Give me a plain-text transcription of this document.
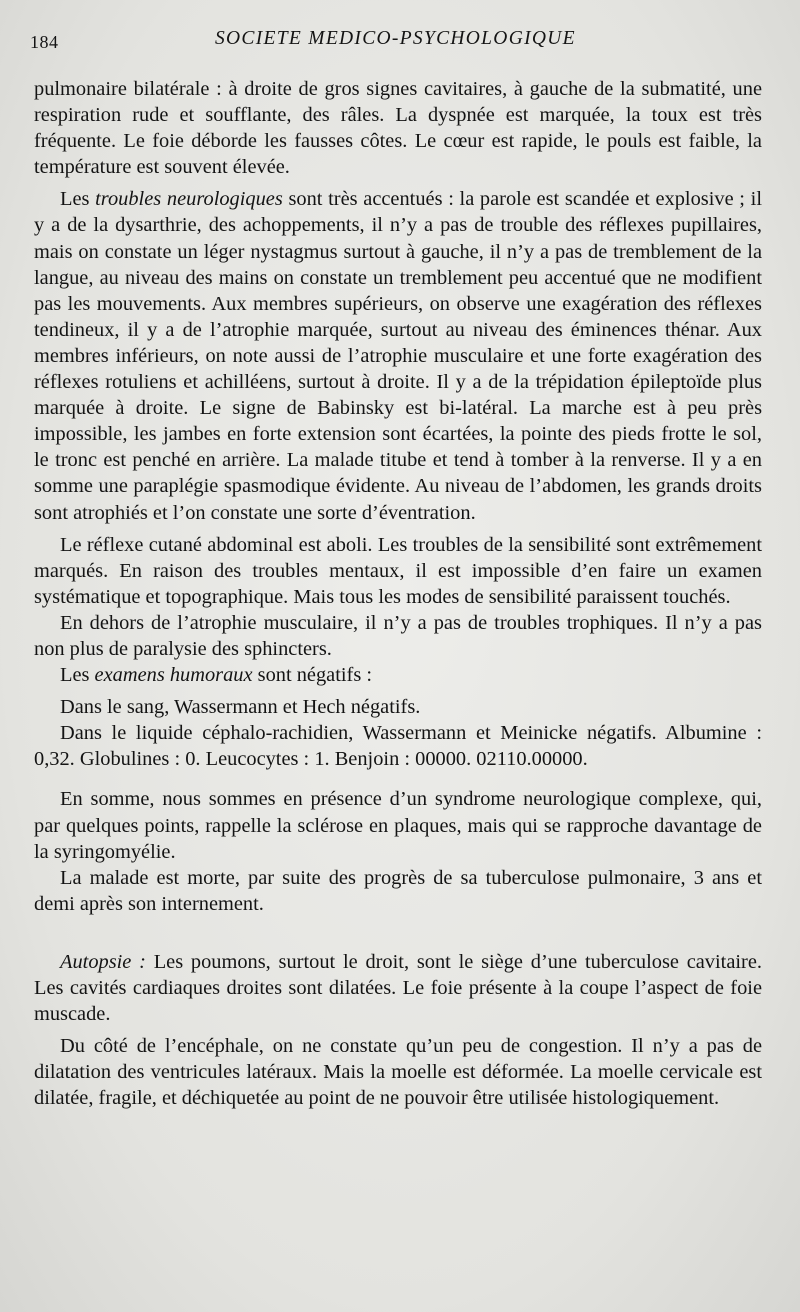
184	SOCIETE MEDICO-PSYCHOLOGIQUE

pulmonaire bilatérale : à droite de gros signes cavitaires, à gauche de la submatité, une respiration rude et soufflante, des râles. La dyspnée est marquée, la toux est très fréquente. Le foie déborde les fausses côtes. Le cœur est rapide, le pouls est faible, la température est souvent élevée.

Les troubles neurologiques sont très accentués : la parole est scandée et explosive ; il y a de la dysarthrie, des achoppements, il n’y a pas de trouble des réflexes pupillaires, mais on constate un léger nystagmus surtout à gauche, il n’y a pas de tremblement de la langue, au niveau des mains on constate un tremblement peu accentué que ne modifient pas les mouvements. Aux membres supérieurs, on observe une exagération des réflexes tendineux, il y a de l’atrophie marquée, surtout au niveau des éminences thénar. Aux membres inférieurs, on note aussi de l’atrophie musculaire et une forte exagération des réflexes rotuliens et achilléens, surtout à droite. Il y a de la trépidation épileptoïde plus marquée à droite. Le signe de Babinsky est bi-latéral. La marche est à peu près impossible, les jambes en forte extension sont écartées, la pointe des pieds frotte le sol, le tronc est penché en arrière. La malade titube et tend à tomber à la renverse. Il y a en somme une paraplégie spasmodique évidente. Au niveau de l’abdomen, les grands droits sont atrophiés et l’on constate une sorte d’éventration.

Le réflexe cutané abdominal est aboli. Les troubles de la sensibilité sont extrêmement marqués. En raison des troubles mentaux, il est impossible d’en faire un examen systématique et topographique. Mais tous les modes de sensibilité paraissent touchés.

En dehors de l’atrophie musculaire, il n’y a pas de troubles trophiques. Il n’y a pas non plus de paralysie des sphincters.

Les examens humoraux sont négatifs :

Dans le sang, Wassermann et Hech négatifs.

Dans le liquide céphalo-rachidien, Wassermann et Meinicke négatifs. Albumine : 0,32. Globulines : 0. Leucocytes : 1. Benjoin : 00000. 02110.00000.

En somme, nous sommes en présence d’un syndrome neurologique complexe, qui, par quelques points, rappelle la sclérose en plaques, mais qui se rapproche davantage de la syringomyélie.

La malade est morte, par suite des progrès de sa tuberculose pulmonaire, 3 ans et demi après son internement.

Autopsie : Les poumons, surtout le droit, sont le siège d’une tuberculose cavitaire. Les cavités cardiaques droites sont dilatées. Le foie présente à la coupe l’aspect de foie muscade.

Du côté de l’encéphale, on ne constate qu’un peu de congestion. Il n’y a pas de dilatation des ventricules latéraux. Mais la moelle est déformée. La moelle cervicale est dilatée, fragile, et déchiquetée au point de ne pouvoir être utilisée histologiquement.
